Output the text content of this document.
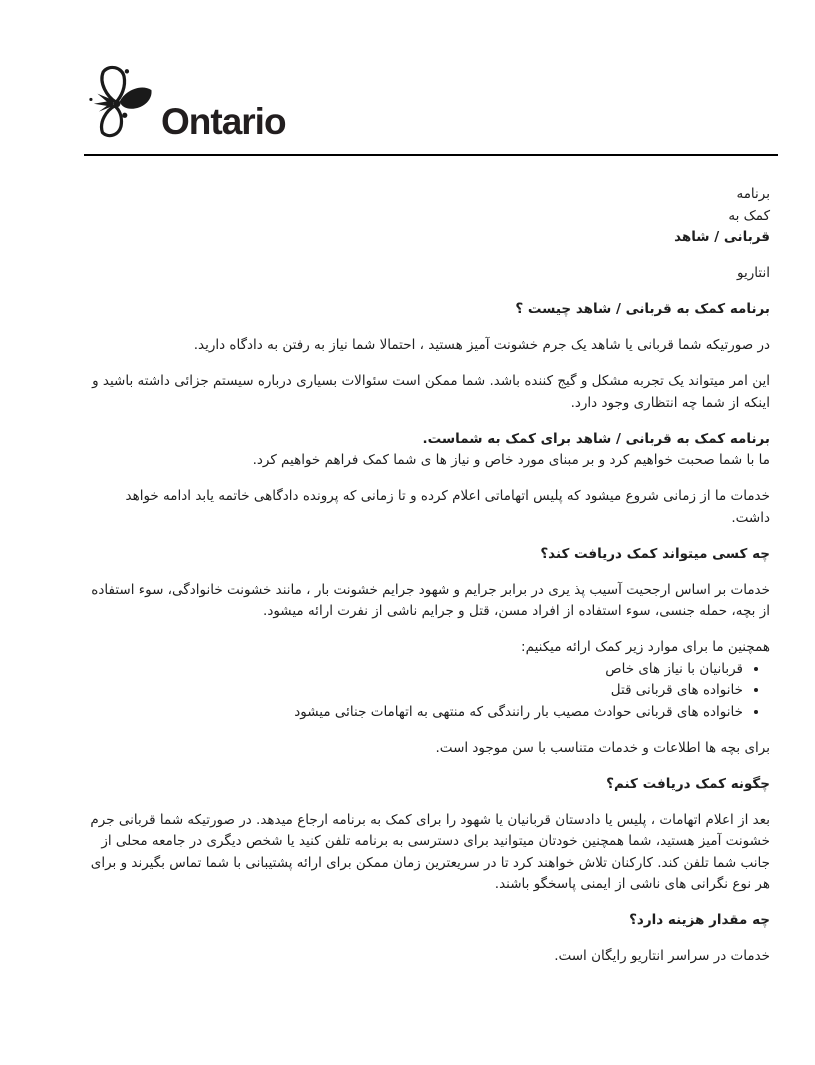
Ontario
برنامه
کمک به
قربانی / شاهد

انتاریو

برنامه کمک به قربانی / شاهد چیست ؟

در صورتیکه شما قربانی یا شاهد یک جرم خشونت آمیز هستید ، احتمالا شما نیاز به رفتن به دادگاه دارید.

این امر میتواند یک تجربه مشکل و گیج کننده باشد. شما ممکن است سئوالات بسیاری درباره سیستم جزائی داشته باشید و اینکه از شما چه انتظاری وجود دارد.

برنامه کمک به قربانی / شاهد برای کمک به شماست.
ما با شما صحبت خواهیم کرد و بر مبنای مورد خاص و نیاز ها ی شما کمک فراهم خواهیم کرد.

خدمات ما از زمانی شروع میشود که پلیس اتهاماتی اعلام کرده و تا زمانی که پرونده دادگاهی خاتمه یابد ادامه خواهد داشت.

چه کسی میتواند کمک دریافت کند؟

خدمات بر اساس ارجحیت آسیب پذ یری در برابر جرایم و شهود جرایم خشونت بار ، مانند خشونت خانوادگی، سوء استفاده از بچه، حمله جنسی، سوء استفاده از افراد مسن، قتل و جرایم ناشی از نفرت ارائه میشود.

همچنین ما برای موارد زیر کمک ارائه میکنیم:

• قربانیان با نیاز های خاص
• خانواده های قربانی قتل
• خانواده های قربانی حوادث مصیب بار رانندگی که منتهی به اتهامات جنائی میشود

برای بچه ها اطلاعات و خدمات متناسب با سن موجود است.

چگونه کمک دریافت کنم؟

بعد از اعلام اتهامات ، پلیس یا دادستان قربانیان یا شهود را برای کمک به برنامه ارجاع میدهد. در صورتیکه شما قربانی جرم خشونت آمیز هستید، شما همچنین خودتان میتوانید برای دسترسی به برنامه تلفن کنید یا شخص دیگری در جامعه محلی از جانب شما تلفن کند. کارکنان تلاش خواهند کرد تا در سریعترین زمان ممکن برای ارائه پشتیبانی با شما تماس بگیرند و برای هر نوع نگرانی های ناشی از ایمنی پاسخگو باشند.

چه مقدار هزینه دارد؟

خدمات در سراسر انتاریو رایگان است.
